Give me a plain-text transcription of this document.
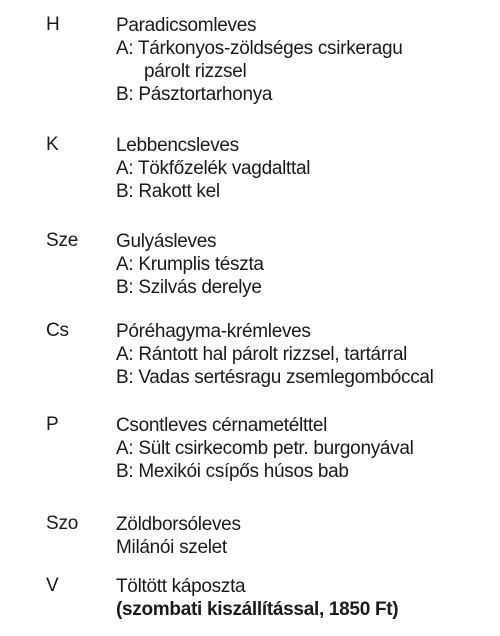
H	Paradicsomleves
A: Tárkonyos-zöldséges csirkeragu
párolt rizzsel
B: Pásztortarhonya
K	Lebbencsleves
A: Tökfőzelék vagdalttal
B: Rakott kel
Sze Gulyásleves
A: Krumplis tészta
B: Szilvás derelye
Cs Póréhagyma-krémleves
A: Rántott hal párolt rizzsel, tartárral
B: Vadas sertésragu zsemlegombóccal
P	Csontleves cérnametélttel
A: Sült csirkecomb petr. burgonyával
B: Mexikói csípős húsos bab
Szo Zöldborsóleves
Milánói szelet
V	Töltött káposzta
(szombati kiszállítással, 1850 Ft)
